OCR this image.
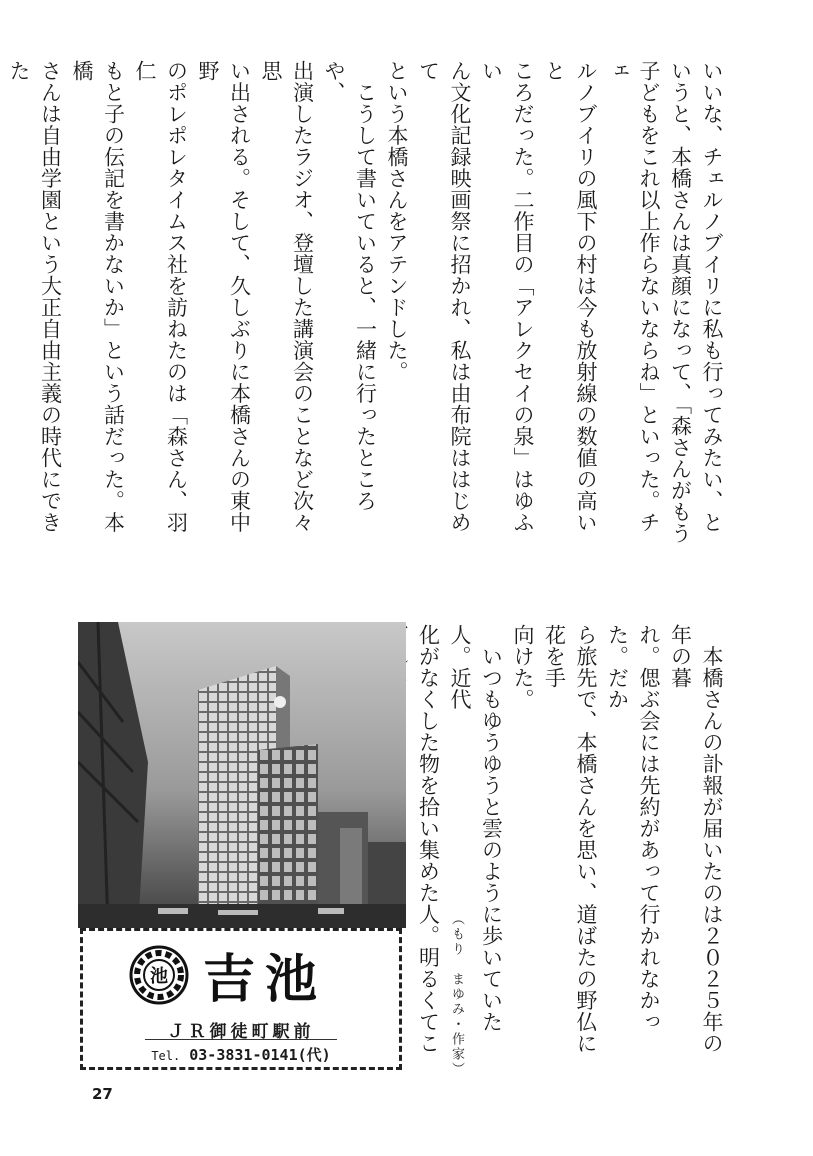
いいな、チェルノブイリに私も行ってみたい、と
いうと、本橋さんは真顔になって、「森さんがもう
子どもをこれ以上作らないならね」といった。チェ
ルノブイリの風下の村は今も放射線の数値の高いと
ころだった。二作目の「アレクセイの泉」はゆふい
ん文化記録映画祭に招かれ、私は由布院ははじめて
という本橋さんをアテンドした。
　こうして書いていると、一緒に行ったところや、
出演したラジオ、登壇した講演会のことなど次々思
い出される。そして、久しぶりに本橋さんの東中野
のポレポレタイムス社を訪ねたのは「森さん、羽仁
もと子の伝記を書かないか」という話だった。本橋
さんは自由学園という大正自由主義の時代にできた
　本橋さんの訃報が届いたのは２０２５年の年の暮
れ。偲ぶ会には先約があって行かれなかった。だか
ら旅先で、本橋さんを思い、道ばたの野仏に花を手
向けた。
　いつもゆうゆうと雲のように歩いていた人。近代
化がなくした物を拾い集めた人。明るくてこ （もり　まゆみ・作家）
池 吉池
ＪＲ御徒町駅前
Tel. 03-3831-0141(代)
27
